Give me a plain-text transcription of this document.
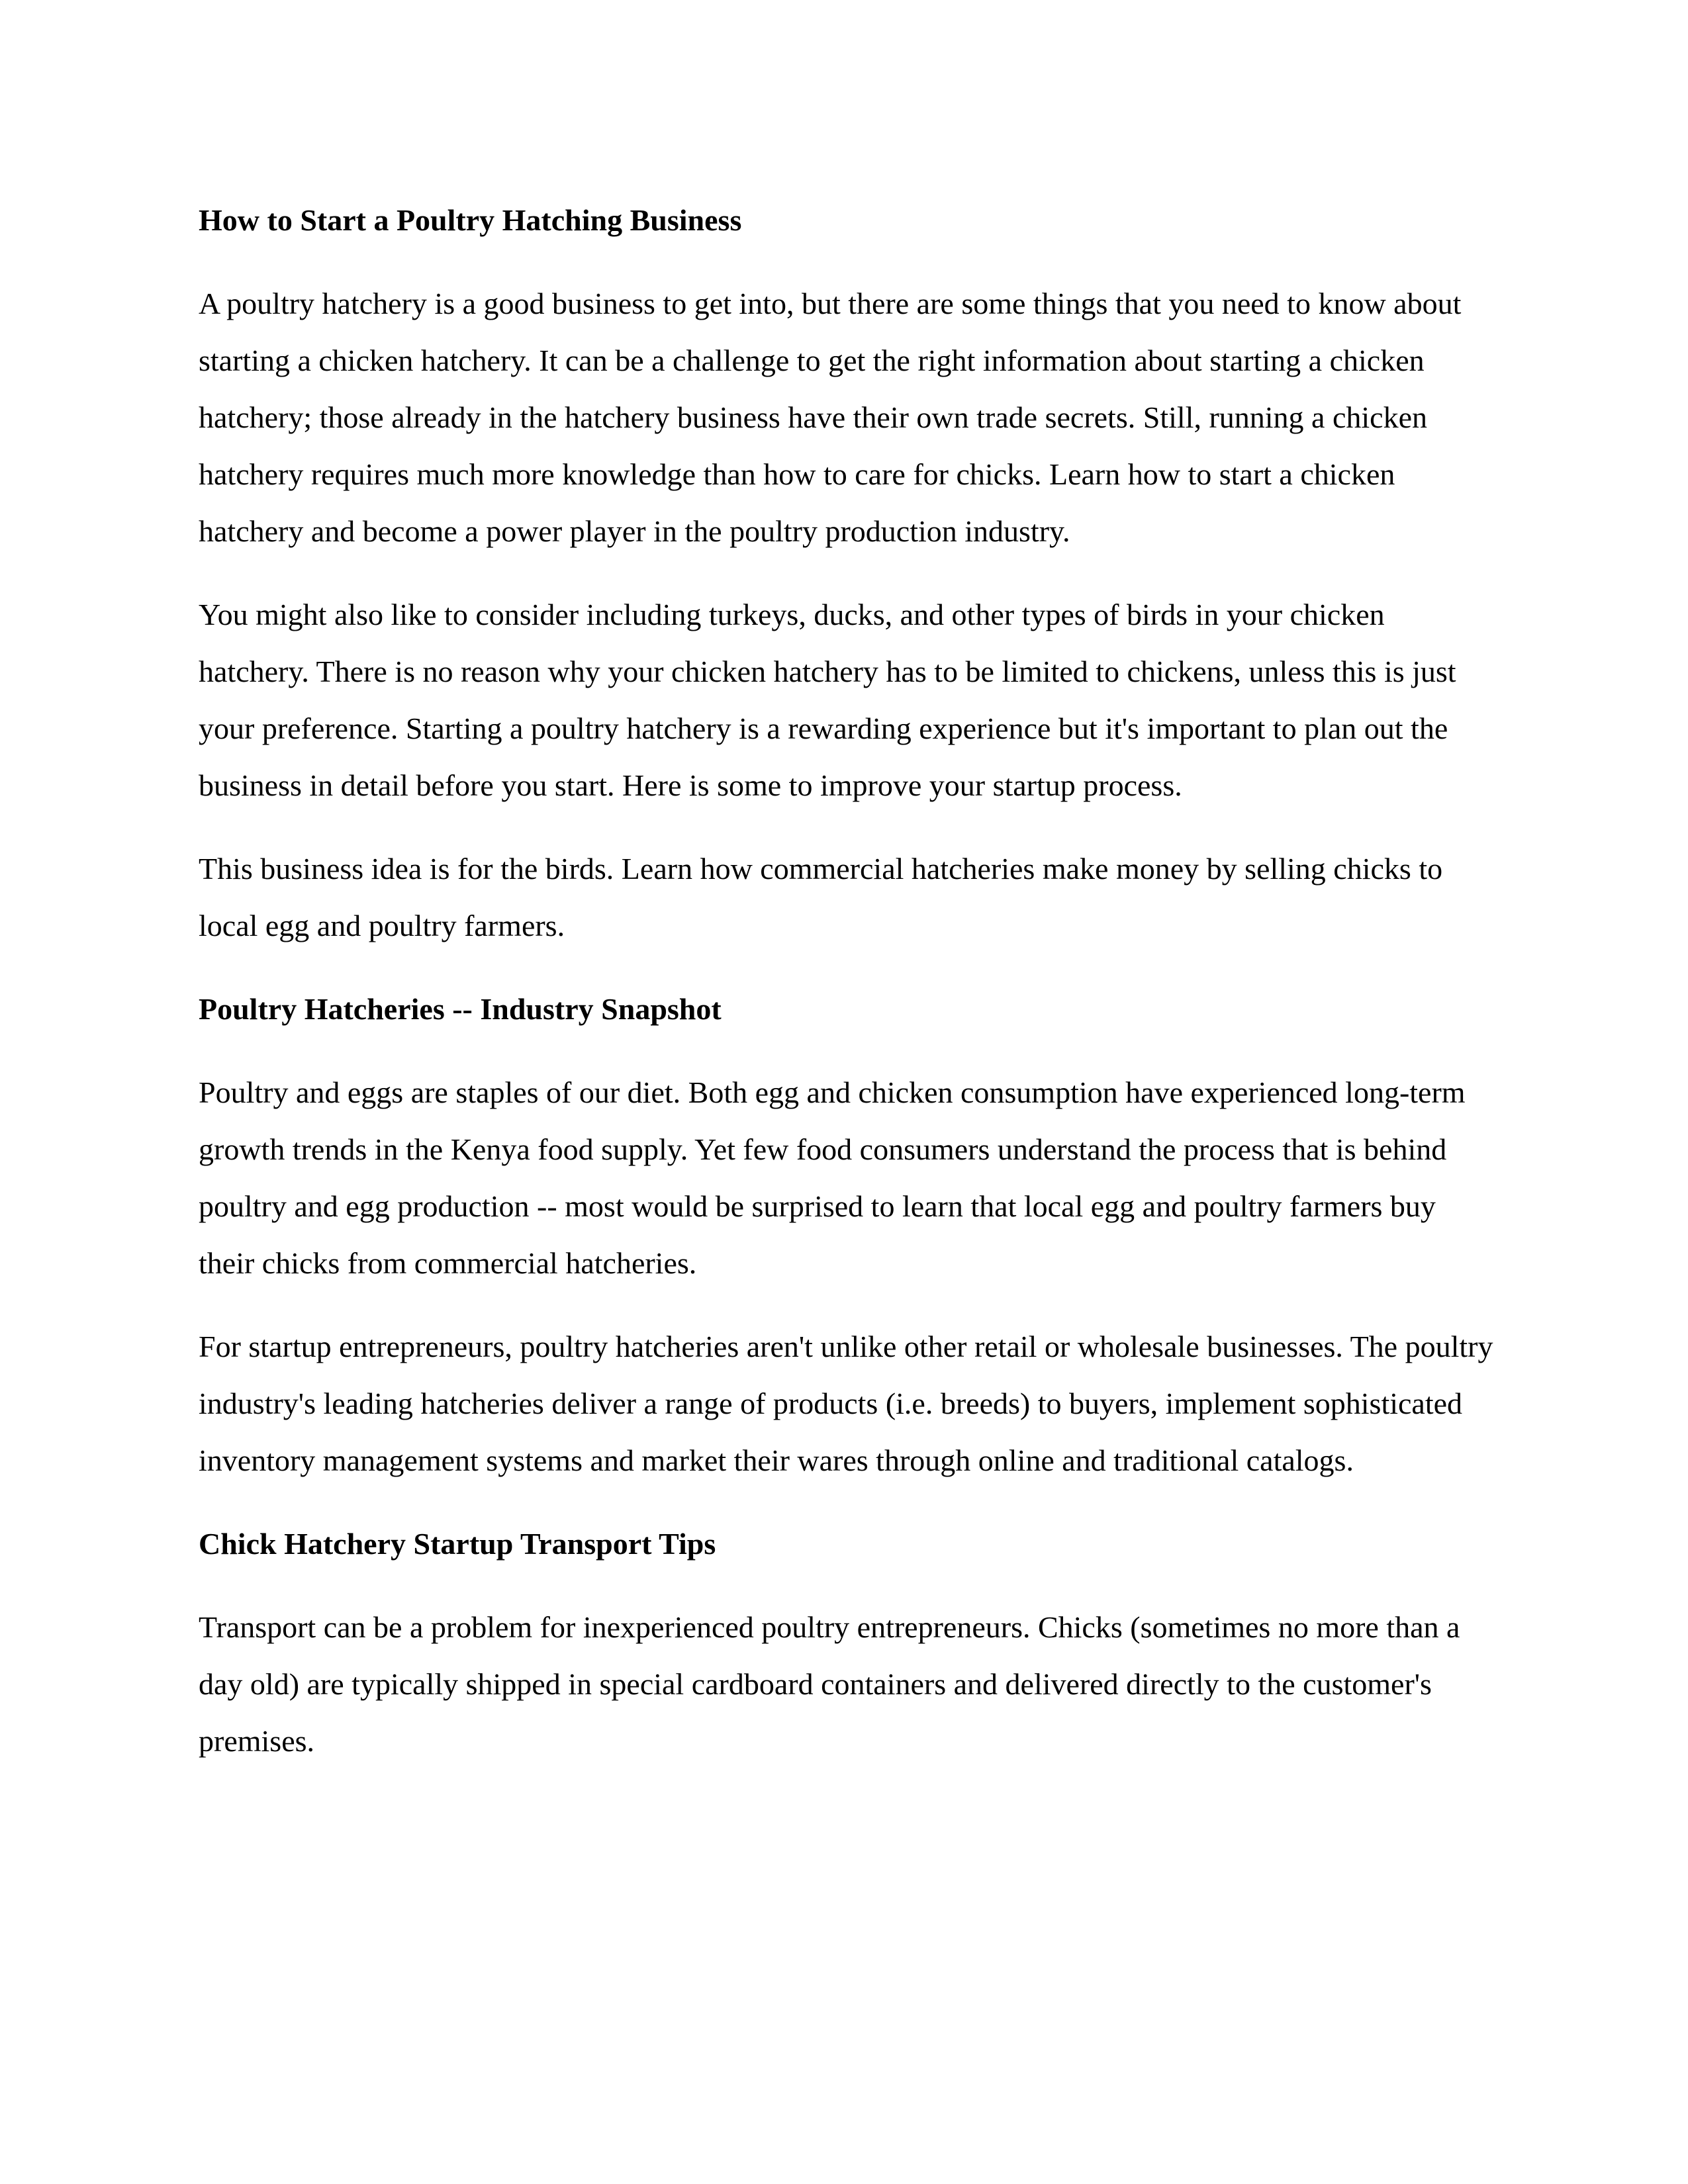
How to Start a Poultry Hatching Business

A poultry hatchery is a good business to get into, but there are some things that you need to know about starting a chicken hatchery. It can be a challenge to get the right information about starting a chicken hatchery; those already in the hatchery business have their own trade secrets. Still, running a chicken hatchery requires much more knowledge than how to care for chicks. Learn how to start a chicken hatchery and become a power player in the poultry production industry.

You might also like to consider including turkeys, ducks, and other types of birds in your chicken hatchery. There is no reason why your chicken hatchery has to be limited to chickens, unless this is just your preference. Starting a poultry hatchery is a rewarding experience but it's important to plan out the business in detail before you start. Here is some to improve your startup process.

This business idea is for the birds. Learn how commercial hatcheries make money by selling chicks to local egg and poultry farmers.

Poultry Hatcheries -- Industry Snapshot

Poultry and eggs are staples of our diet. Both egg and chicken consumption have experienced long-term growth trends in the Kenya food supply. Yet few food consumers understand the process that is behind poultry and egg production -- most would be surprised to learn that local egg and poultry farmers buy their chicks from commercial hatcheries.

For startup entrepreneurs, poultry hatcheries aren't unlike other retail or wholesale businesses. The poultry industry's leading hatcheries deliver a range of products (i.e. breeds) to buyers, implement sophisticated inventory management systems and market their wares through online and traditional catalogs.

Chick Hatchery Startup Transport Tips

Transport can be a problem for inexperienced poultry entrepreneurs. Chicks (sometimes no more than a day old) are typically shipped in special cardboard containers and delivered directly to the customer's premises.
